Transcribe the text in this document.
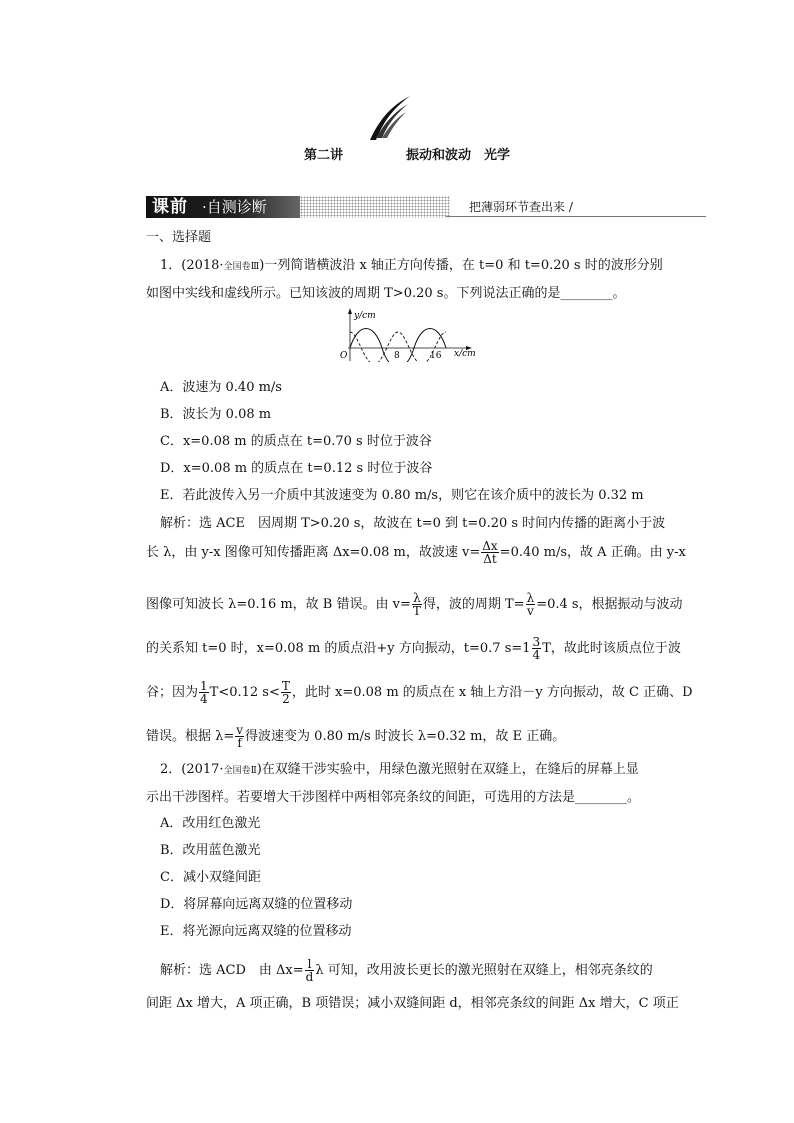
第二讲	振动和波动　光学
课前 ·自测诊断	把薄弱环节查出来 /
一、选择题
1．(2018·全国卷Ⅲ)一列简谐横波沿 x 轴正方向传播，在 t=0 和 t=0.20 s 时的波形分别
如图中实线和虚线所示。已知该波的周期 T>0.20 s。下列说法正确的是________。
O	8	16
y/cm
x/cm
A．波速为 0.40 m/s
B．波长为 0.08 m
C．x=0.08 m 的质点在 t=0.70 s 时位于波谷
D．x=0.08 m 的质点在 t=0.12 s 时位于波谷
E．若此波传入另一介质中其波速变为 0.80 m/s，则它在该介质中的波长为 0.32 m
解析：选 ACE　因周期 T>0.20 s，故波在 t=0 到 t=0.20 s 时间内传播的距离小于波
长 λ，由 y-x 图像可知传播距离 Δx=0.08 m，故波速 $v= \frac{\Delta x}{\Delta t} =0.40$ m/s，故 A 正确。由 y-x
图像可知波长 λ=0.16 m，故 B 错误。由 $v= \frac{\lambda}{T}$ 得，波的周期 $T= \frac{\lambda}{v} =0.4$ s，根据振动与波动
的关系知 t=0 时，x=0.08 m 的质点沿+y 方向振动，t=0.7 $s=1 \frac{3}{4}$ T，故此时该质点位于波
谷；因为 $\frac{1}{4} T<0.12$ $s< \frac{T}{2}$ ，此时 x=0.08 m 的质点在 x 轴上方沿－y 方向振动，故 C 正确、D
错误。根据 $\lambda= \frac{v}{f}$ 得波速变为 0.80 m/s 时波长 λ=0.32 m，故 E 正确。
2．(2017·全国卷Ⅱ)在双缝干涉实验中，用绿色激光照射在双缝上，在缝后的屏幕上显
示出干涉图样。若要增大干涉图样中两相邻亮条纹的间距，可选用的方法是________。
A．改用红色激光
B．改用蓝色激光
C．减小双缝间距
D．将屏幕向远离双缝的位置移动
E．将光源向远离双缝的位置移动
解析：选 ACD　由 $\Delta x= \frac{l}{d}$ λ 可知，改用波长更长的激光照射在双缝上，相邻亮条纹的
间距 Δx 增大，A 项正确，B 项错误；减小双缝间距 d，相邻亮条纹的间距 Δx 增大，C 项正
